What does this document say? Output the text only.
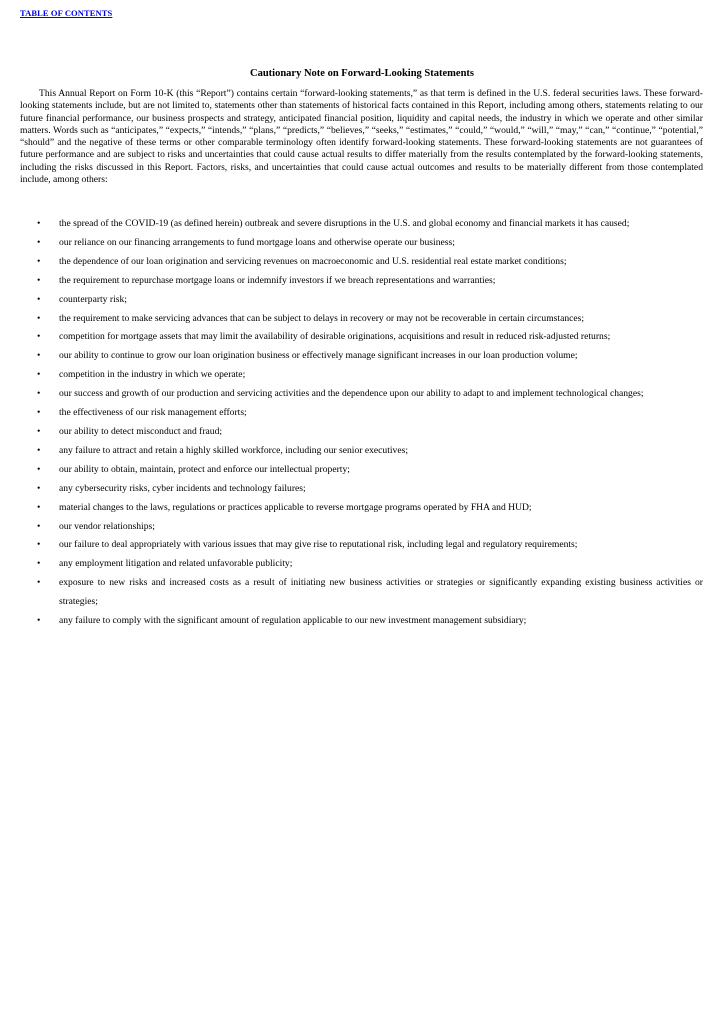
TABLE OF CONTENTS
Cautionary Note on Forward-Looking Statements

This Annual Report on Form 10-K (this “Report”) contains certain “forward-looking statements,” as that term is defined in the U.S. federal securities laws. These forward-looking statements include, but are not limited to, statements other than statements of historical facts contained in this Report, including among others, statements relating to our future financial performance, our business prospects and strategy, anticipated financial position, liquidity and capital needs, the industry in which we operate and other similar matters. Words such as “anticipates,” “expects,” “intends,” “plans,” “predicts,” “believes,” “seeks,” “estimates,” “could,” “would,” “will,” “may,” “can,” “continue,” “potential,” “should” and the negative of these terms or other comparable terminology often identify forward-looking statements. These forward-looking statements are not guarantees of future performance and are subject to risks and uncertainties that could cause actual results to differ materially from the results contemplated by the forward-looking statements, including the risks discussed in this Report. Factors, risks, and uncertainties that could cause actual outcomes and results to be materially different from those contemplated include, among others:

•	the spread of the COVID-19 (as defined herein) outbreak and severe disruptions in the U.S. and global economy and financial markets it has caused;
•	our reliance on our financing arrangements to fund mortgage loans and otherwise operate our business;
•	the dependence of our loan origination and servicing revenues on macroeconomic and U.S. residential real estate market conditions;
•	the requirement to repurchase mortgage loans or indemnify investors if we breach representations and warranties;
•	counterparty risk;
•	the requirement to make servicing advances that can be subject to delays in recovery or may not be recoverable in certain circumstances;
•	competition for mortgage assets that may limit the availability of desirable originations, acquisitions and result in reduced risk-adjusted returns;
•	our ability to continue to grow our loan origination business or effectively manage significant increases in our loan production volume;
•	competition in the industry in which we operate;
•	our success and growth of our production and servicing activities and the dependence upon our ability to adapt to and implement technological changes;
•	the effectiveness of our risk management efforts;
•	our ability to detect misconduct and fraud;
•	any failure to attract and retain a highly skilled workforce, including our senior executives;
•	our ability to obtain, maintain, protect and enforce our intellectual property;
•	any cybersecurity risks, cyber incidents and technology failures;
•	material changes to the laws, regulations or practices applicable to reverse mortgage programs operated by FHA and HUD;
•	our vendor relationships;
•	our failure to deal appropriately with various issues that may give rise to reputational risk, including legal and regulatory requirements;
•	any employment litigation and related unfavorable publicity;
•	exposure to new risks and increased costs as a result of initiating new business activities or strategies or significantly expanding existing business activities or strategies;
•	any failure to comply with the significant amount of regulation applicable to our new investment management subsidiary;
